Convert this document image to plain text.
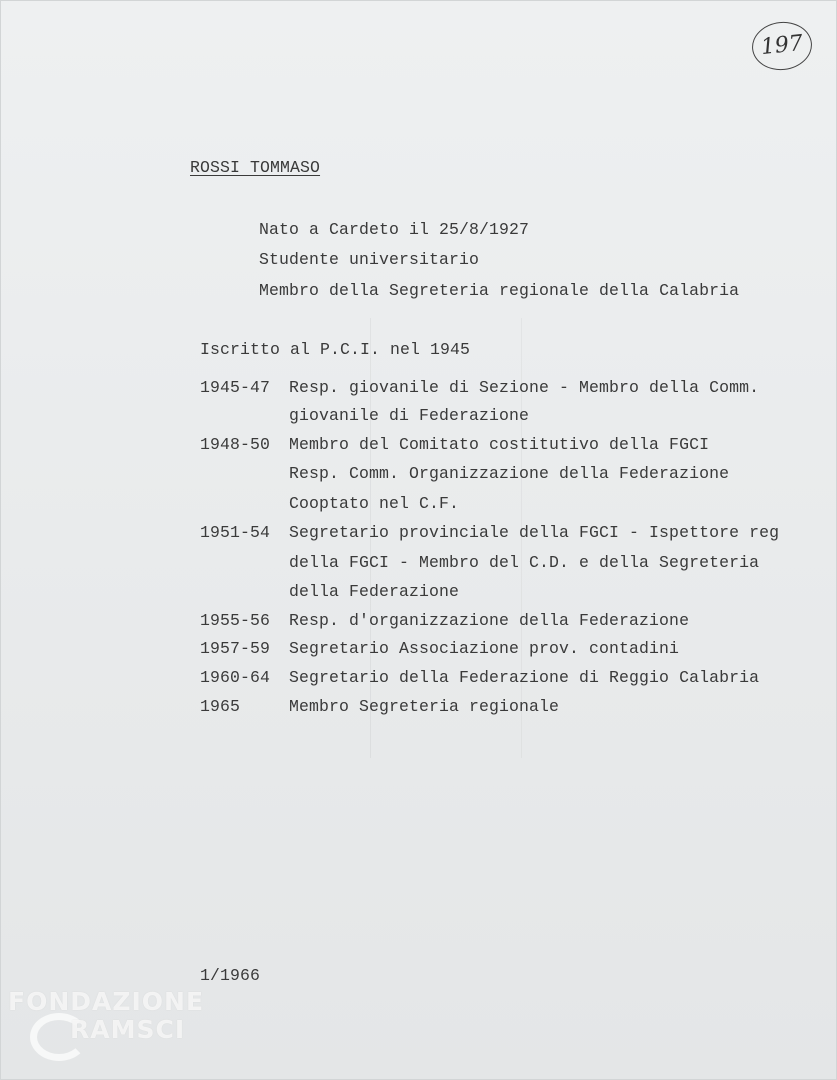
197
ROSSI TOMMASO
Nato a Cardeto il 25/8/1927
Studente universitario
Membro della Segreteria regionale della Calabria
Iscritto al P.C.I. nel 1945
1945-47 Resp. giovanile di Sezione - Membro della Comm.
giovanile di Federazione
1948-50 Membro del Comitato costitutivo della FGCI
Resp. Comm. Organizzazione della Federazione
Cooptato nel C.F.
1951-54 Segretario provinciale della FGCI - Ispettore reg
della FGCI - Membro del C.D. e della Segreteria
della Federazione
1955-56 Resp. d'organizzazione della Federazione
1957-59 Segretario Associazione prov. contadini
1960-64 Segretario della Federazione di Reggio Calabria
1965	Membro Segreteria regionale
1/1966
FONDAZIONE
RAMSCI
